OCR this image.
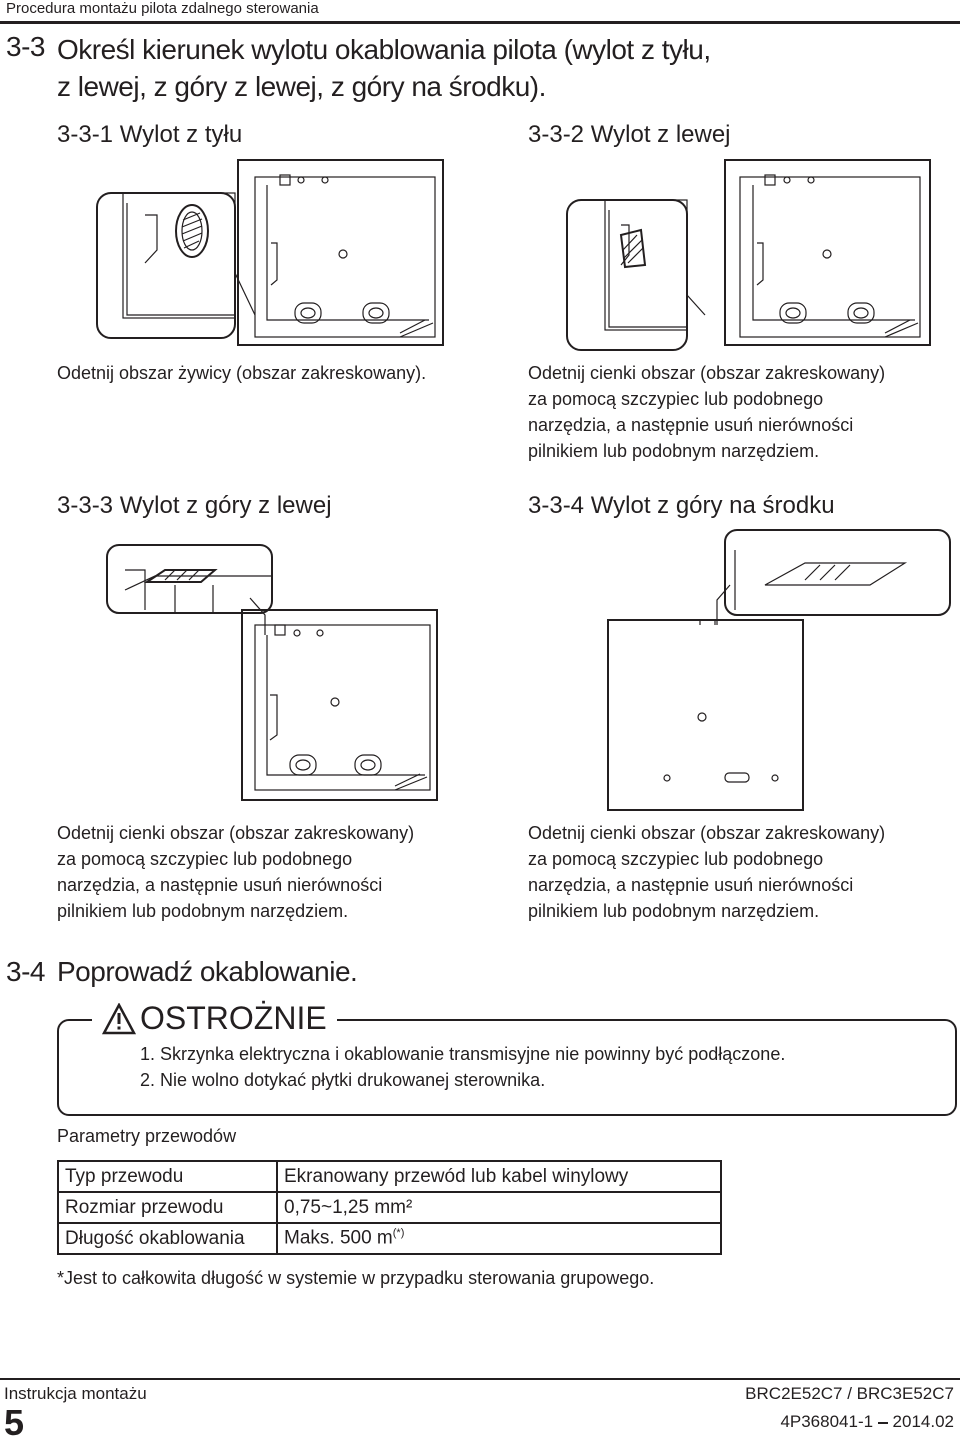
Procedura montażu pilota zdalnego sterowania
3-3 Określ kierunek wylotu okablowania pilota (wylot z tyłu,
z lewej, z góry z lewej, z góry na środku).
3-3-1 Wylot z tyłu	3-3-2 Wylot z lewej
Odetnij obszar żywicy (obszar zakreskowany).	Odetnij cienki obszar (obszar zakreskowany)
za pomocą szczypiec lub podobnego
narzędzia, a następnie usuń nierówności
pilnikiem lub podobnym narzędziem.
3-3-3 Wylot z góry z lewej	3-3-4 Wylot z góry na środku
Odetnij cienki obszar (obszar zakreskowany)
za pomocą szczypiec lub podobnego
narzędzia, a następnie usuń nierówności
pilnikiem lub podobnym narzędziem.
Odetnij cienki obszar (obszar zakreskowany)
za pomocą szczypiec lub podobnego
narzędzia, a następnie usuń nierówności
pilnikiem lub podobnym narzędziem.
3-4 Poprowadź okablowanie.
OSTROŻNIE
1. Skrzynka elektryczna i okablowanie transmisyjne nie powinny być podłączone.
2. Nie wolno dotykać płytki drukowanej sterownika.
Parametry przewodów
Typ przewodu	Ekranowany przewód lub kabel winylowy
Rozmiar przewodu	0,75~1,25 mm²
Długość okablowania	Maks. 500 m(*)
*Jest to całkowita długość w systemie w przypadku sterowania grupowego.
Instrukcja montażu
5
BRC2E52C7 / BRC3E52C7
4P368041-1 2014.02
